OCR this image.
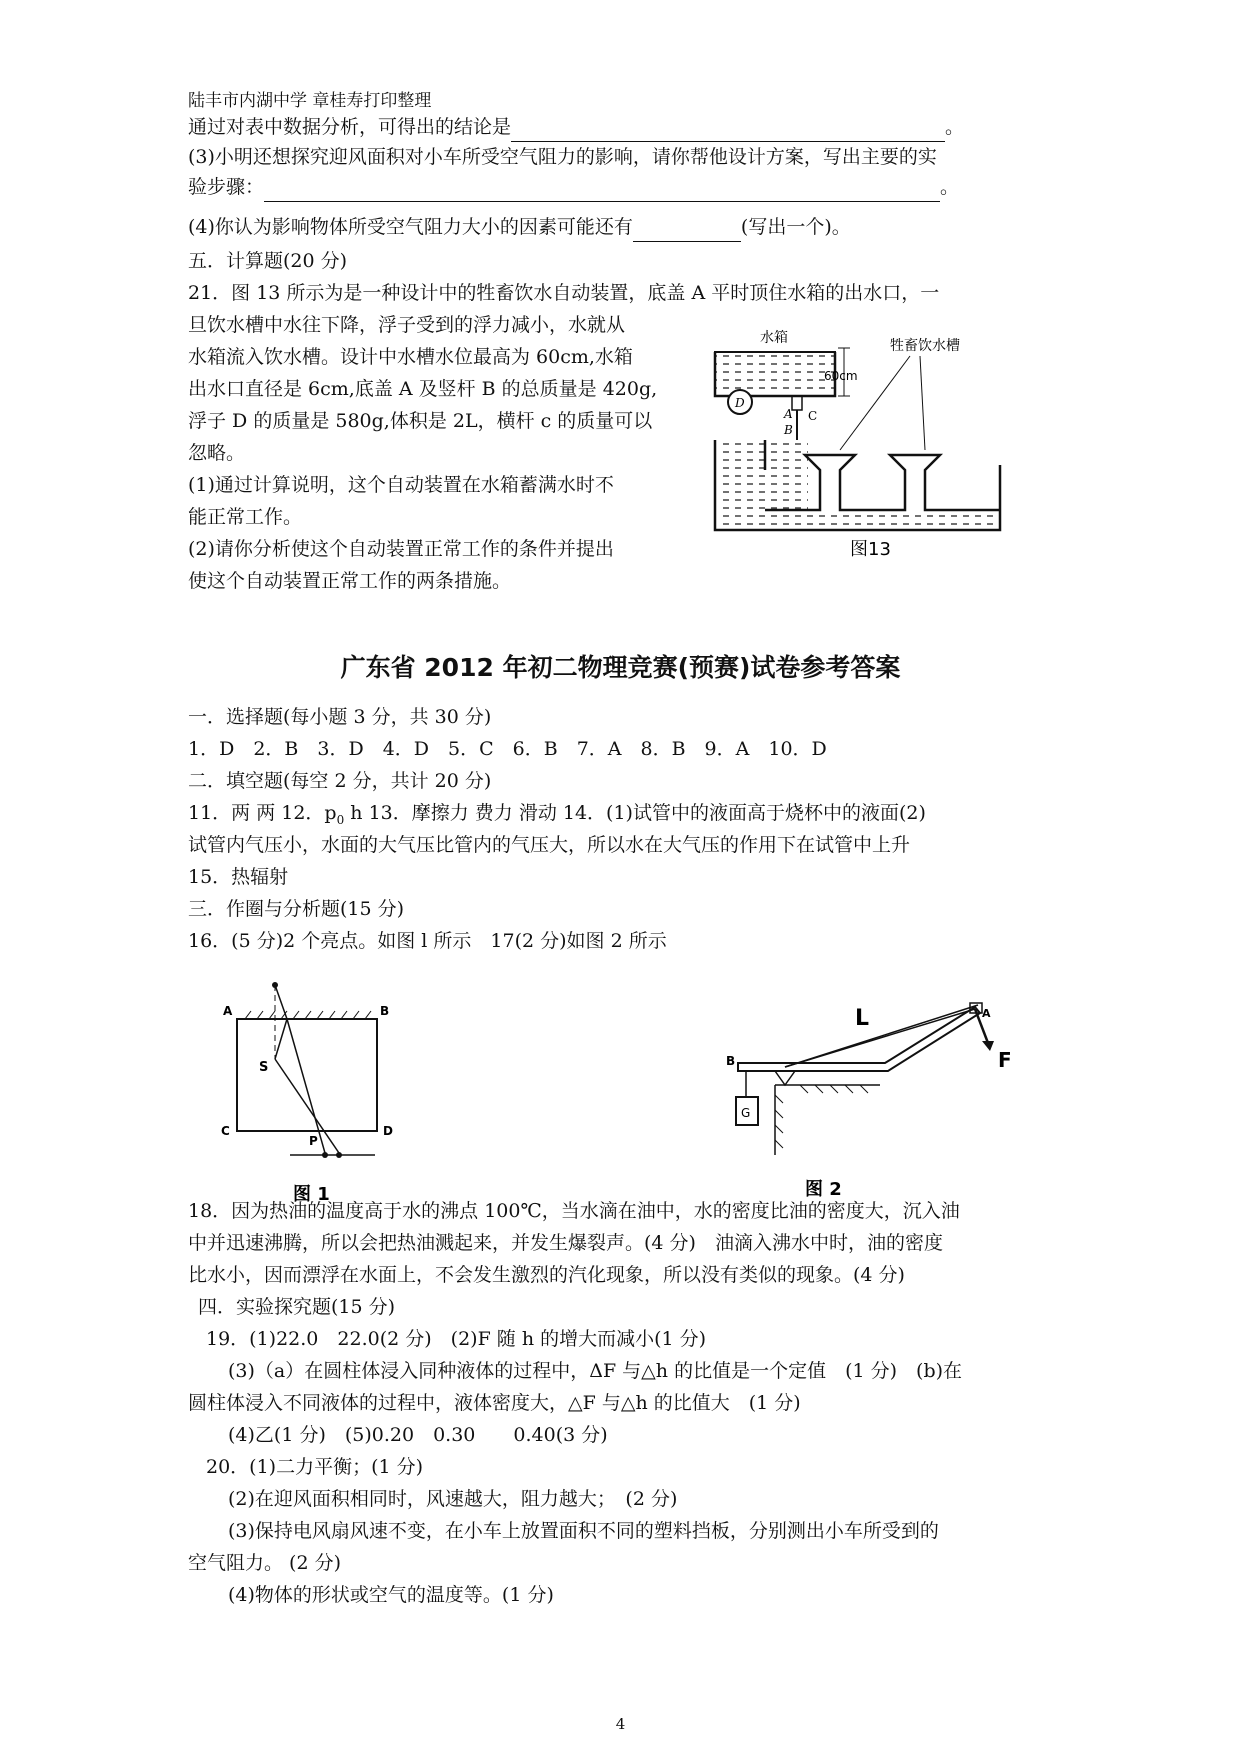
陆丰市内湖中学 章桂寿打印整理
通过对表中数据分析，可得出的结论是	。
(3)小明还想探究迎风面积对小车所受空气阻力的影响，请你帮他设计方案，写出主要的实
验步骤：	。
(4)你认为影响物体所受空气阻力大小的因素可能还有	(写出一个)。
五．计算题(20 分)
21．图 13 所示为是一种设计中的牲畜饮水自动装置，底盖 A 平时顶住水箱的出水口，一
旦饮水槽中水往下降，浮子受到的浮力减小，水就从
水箱流入饮水槽。设计中水槽水位最高为 60cm,水箱
出水口直径是 6cm,底盖 A 及竖杆 B 的总质量是 420g,
浮子 D 的质量是 580g,体积是 2L，横杆 c 的质量可以
忽略。
(1)通过计算说明，这个自动装置在水箱蓄满水时不
能正常工作。
(2)请你分析使这个自动装置正常工作的条件并提出
使这个自动装置正常工作的两条措施。
水箱
60cm
A
B
C
D
牲畜饮水槽
图13
广东省 2012 年初二物理竞赛(预赛)试卷参考答案
一．选择题(每小题 3 分，共 30 分)
1．D　2．B　3．D　4．D　5．C　6．B　7．A　8．B　9．A　10．D
二．填空题(每空 2 分，共计 20 分)
11．两 两 12．$p_0$ h 13．摩擦力 费力 滑动 14．(1)试管中的液面高于烧杯中的液面(2)
试管内气压小，水面的大气压比管内的气压大，所以水在大气压的作用下在试管中上升
15．热辐射
三．作圈与分析题(15 分)
16．(5 分)2 个亮点。如图 l 所示　17(2 分)如图 2 所示
A	B
C	D
S
P
图 1
L	A
F
B
G
图 2
18．因为热油的温度高于水的沸点 100℃，当水滴在油中，水的密度比油的密度大，沉入油
中并迅速沸腾，所以会把热油溅起来，并发生爆裂声。(4 分)　油滴入沸水中时，油的密度
比水小，因而漂浮在水面上，不会发生激烈的汽化现象，所以没有类似的现象。(4 分)
四．实验探究题(15 分)
19．(1)22.0　22.0(2 分)　(2)F 随 h 的增大而减小(1 分)
(3)（a）在圆柱体浸入同种液体的过程中，ΔF 与△h 的比值是一个定值　(1 分)　(b)在
圆柱体浸入不同液体的过程中，液体密度大，△F 与△h 的比值大　(1 分)
(4)乙(1 分)　(5)0.20　0.30　　0.40(3 分)
20．(1)二力平衡；(1 分)
(2)在迎风面积相同时，风速越大，阻力越大；　(2 分)
(3)保持电风扇风速不变，在小车上放置面积不同的塑料挡板，分别测出小车所受到的
空气阻力。 (2 分)
(4)物体的形状或空气的温度等。(1 分)
4
